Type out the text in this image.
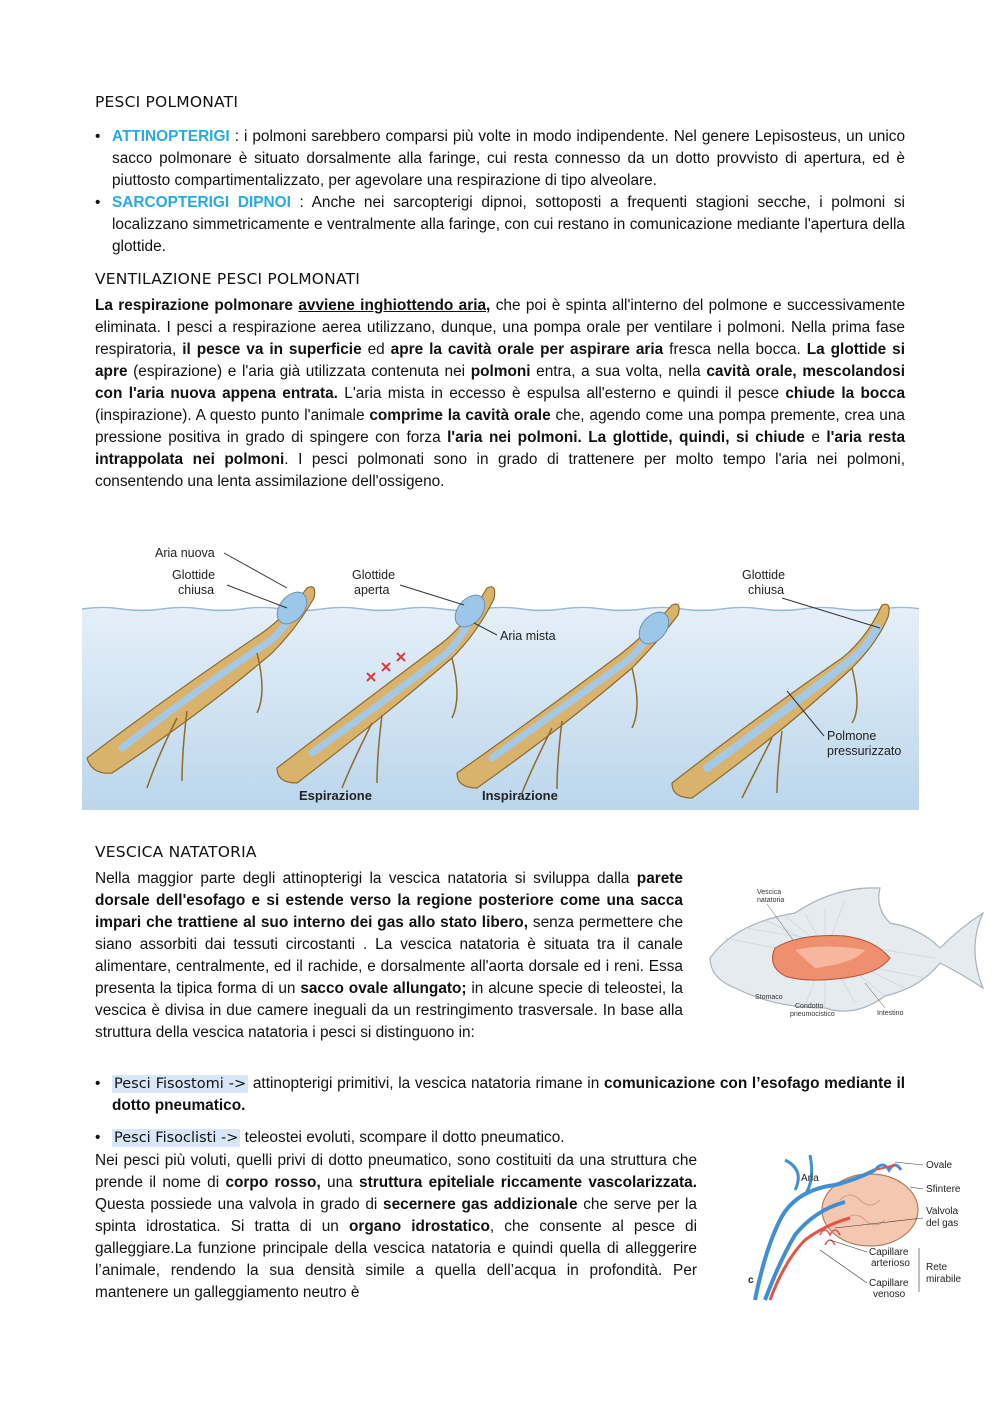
PESCI POLMONATI
• ATTINOPTERIGI : i polmoni sarebbero comparsi più volte in modo indipendente. Nel genere Lepisosteus, un unico sacco polmonare è situato dorsalmente alla faringe, cui resta connesso da un dotto provvisto di apertura, ed è piuttosto compartimentalizzato, per agevolare una respirazione di tipo alveolare.
• SARCOPTERIGI DIPNOI : Anche nei sarcopterigi dipnoi, sottoposti a frequenti stagioni secche, i polmoni si localizzano simmetricamente e ventralmente alla faringe, con cui restano in comunicazione mediante l'apertura della glottide.
VENTILAZIONE PESCI POLMONATI

La respirazione polmonare avviene inghiottendo aria, che poi è spinta all'interno del polmone e successivamente eliminata. I pesci a respirazione aerea utilizzano, dunque, una pompa orale per ventilare i polmoni. Nella prima fase respiratoria, il pesce va in superficie ed apre la cavità orale per aspirare aria fresca nella bocca. La glottide si apre (espirazione) e l'aria già utilizzata contenuta nei polmoni entra, a sua volta, nella cavità orale, mescolandosi con l'aria nuova appena entrata. L'aria mista in eccesso è espulsa all'esterno e quindi il pesce chiude la bocca (inspirazione). A questo punto l'animale comprime la cavità orale che, agendo come una pompa premente, crea una pressione positiva in grado di spingere con forza l'aria nei polmoni. La glottide, quindi, si chiude e l'aria resta intrappolata nei polmoni. I pesci polmonati sono in grado di trattenere per molto tempo l'aria nei polmoni, consentendo una lenta assimilazione dell'ossigeno.

Aria nuova
Glottide
chiusa
Glottide
aperta
Aria mista
Glottide
chiusa
Polmone
pressurizzato
Espirazione	Inspirazione
VESCICA NATATORIA

Nella maggior parte degli attinopterigi la vescica natatoria si sviluppa dalla parete dorsale dell'esofago e si estende verso la regione posteriore come una sacca impari che trattiene al suo interno dei gas allo stato libero, senza permettere che siano assorbiti dai tessuti circostanti . La vescica natatoria è situata tra il canale alimentare, centralmente, ed il rachide, e dorsalmente all'aorta dorsale ed i reni. Essa presenta la tipica forma di un sacco ovale allungato; in alcune specie di teleostei, la vescica è divisa in due camere ineguali da un restringimento trasversale. In base alla struttura della vescica natatoria i pesci si distinguono in:

Vescica
natatoria
Stomaco
Condotto
pneumocistico	Intestino
• Pesci Fisostomi -> attinopterigi primitivi, la vescica natatoria rimane in comunicazione con l’esofago mediante il dotto pneumatico.
• Pesci Fisoclisti -> teleostei evoluti, scompare il dotto pneumatico.

Nei pesci più voluti, quelli privi di dotto pneumatico, sono costituiti da una struttura che prende il nome di corpo rosso, una struttura epiteliale riccamente vascolarizzata. Questa possiede una valvola in grado di secernere gas addizionale che serve per la spinta idrostatica. Si tratta di un organo idrostatico, che consente al pesce di galleggiare.La funzione principale della vescica natatoria e quindi quella di alleggerire l’animale, rendendo la sua densità simile a quella dell’acqua in profondità. Per mantenere un galleggiamento neutro è

Aria
Ovale
Sfintere
Valvola
del gas
Capillare
arterioso
Capillare
venoso
Rete
mirabile
c
